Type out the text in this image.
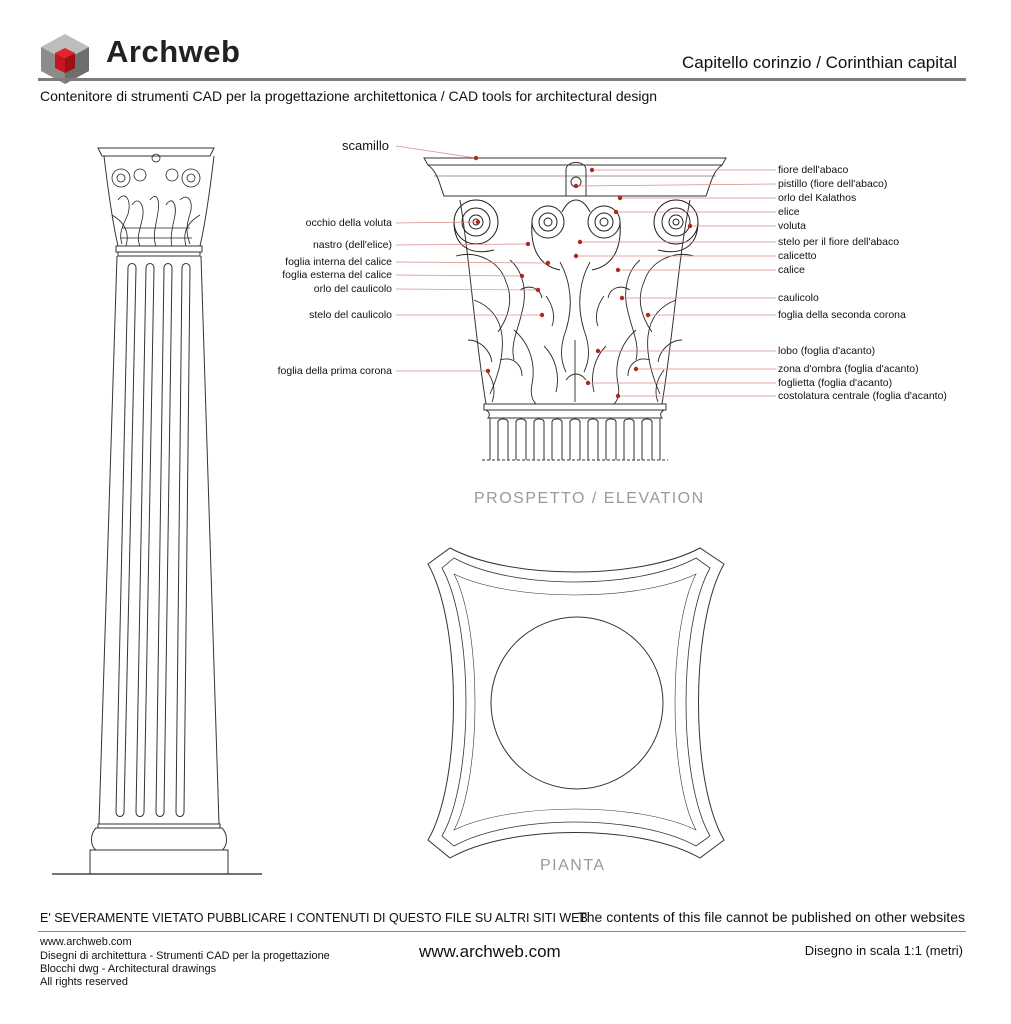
Archweb	Capitello corinzio / Corinthian capital
Contenitore di strumenti CAD per la progettazione architettonica / CAD tools for architectural design
scamillo
occhio della voluta
nastro (dell'elice)
foglia interna del calice
foglia esterna del calice
orlo del caulicolo
stelo del caulicolo
foglia della prima corona
fiore dell'abaco
pistillo (fiore dell'abaco)
orlo del Kalathos
elice
voluta
stelo per il fiore dell'abaco
calicetto
calice
caulicolo
foglia della seconda corona
lobo (foglia d'acanto)
zona d'ombra (foglia d'acanto)
foglietta (foglia d'acanto)
costolatura centrale (foglia d'acanto)
PROSPETTO / ELEVATION
PIANTA
E' SEVERAMENTE VIETATO PUBBLICARE I CONTENUTI DI QUESTO FILE SU ALTRI SITI WEB
The contents of this file cannot be published on other websites
www.archweb.com
Disegni di architettura - Strumenti CAD per la progettazione
Blocchi dwg - Architectural drawings
All rights reserved
www.archweb.com	Disegno in scala 1:1 (metri)
